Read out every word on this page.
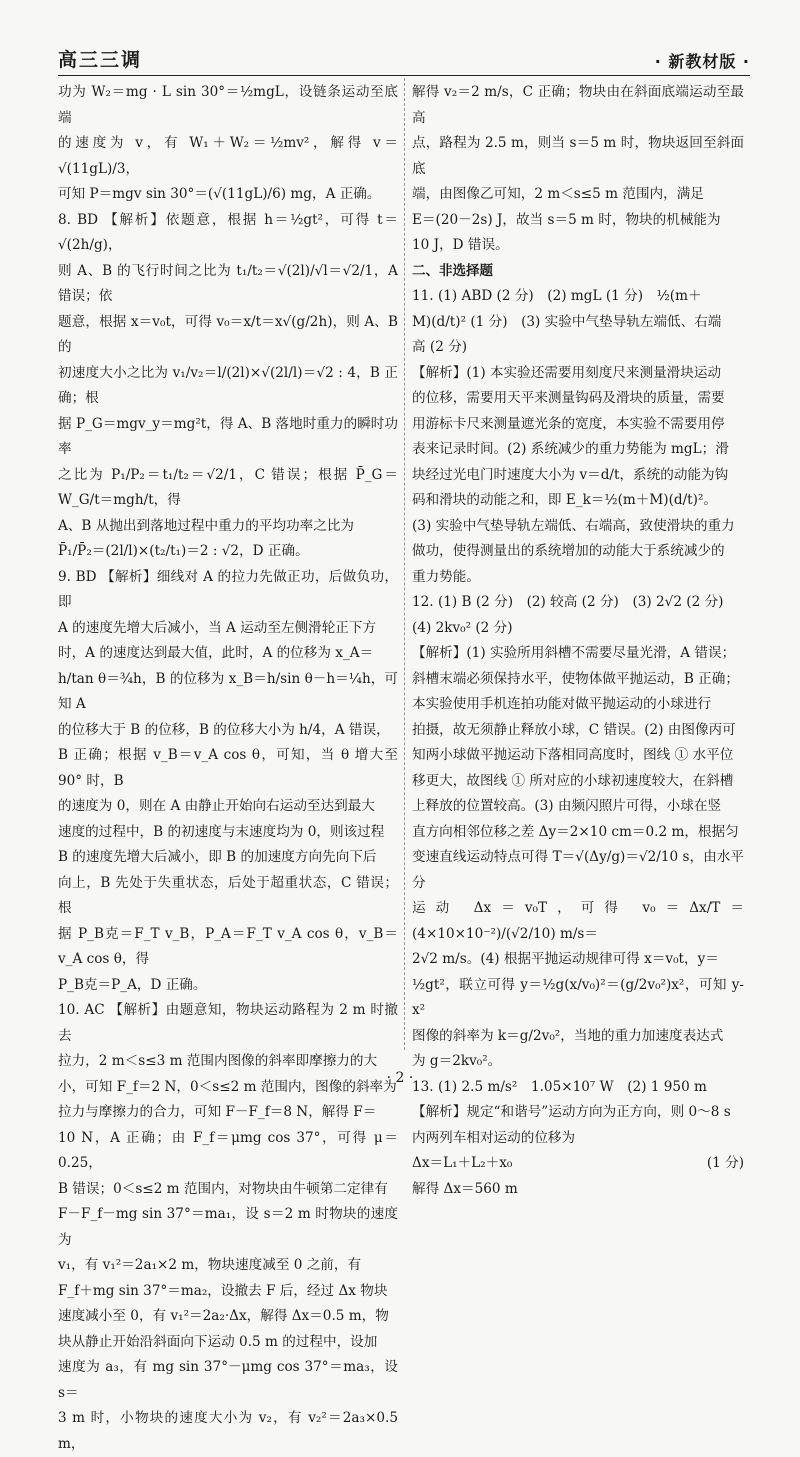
高三三调	· 新教材版 ·

功为 W₂＝mg · L sin 30°＝½mgL，设链条运动至底端

的速度为 v，有 W₁＋W₂＝½mv²，解得 v＝√(11gL)/3，

可知 P＝mgv sin 30°＝(√(11gL)/6) mg，A 正确。

8. BD 【解析】依题意，根据 h＝½gt²，可得 t＝√(2h/g)，

则 A、B 的飞行时间之比为 t₁/t₂＝√(2l)/√l＝√2/1，A 错误；依

题意，根据 x＝v₀t，可得 v₀＝x/t＝x√(g/2h)，则 A、B 的

初速度大小之比为 v₁/v₂＝l/(2l)×√(2l/l)＝√2 : 4，B 正确；根

据 P_G＝mgv_y＝mg²t，得 A、B 落地时重力的瞬时功率

之比为 P₁/P₂＝t₁/t₂＝√2/1，C 错误；根据 P̄_G＝W_G/t＝mgh/t，得

A、B 从抛出到落地过程中重力的平均功率之比为

P̄₁/P̄₂＝(2l/l)×(t₂/t₁)＝2 : √2，D 正确。

9. BD 【解析】细线对 A 的拉力先做正功，后做负功，即

A 的速度先增大后减小，当 A 运动至左侧滑轮正下方

时，A 的速度达到最大值，此时，A 的位移为 x_A＝

h/tan θ＝¾h，B 的位移为 x_B＝h/sin θ－h＝¼h，可知 A

的位移大于 B 的位移，B 的位移大小为 h/4，A 错误，

B 正确；根据 v_B＝v_A cos θ，可知，当 θ 增大至 90° 时，B

的速度为 0，则在 A 由静止开始向右运动至达到最大

速度的过程中，B 的初速度与末速度均为 0，则该过程

B 的速度先增大后减小，即 B 的加速度方向先向下后

向上，B 先处于失重状态，后处于超重状态，C 错误；根

据 P_B克＝F_T v_B，P_A＝F_T v_A cos θ，v_B＝v_A cos θ，得

P_B克＝P_A，D 正确。

10. AC 【解析】由题意知，物块运动路程为 2 m 时撤去

拉力，2 m＜s≤3 m 范围内图像的斜率即摩擦力的大

小，可知 F_f＝2 N，0＜s≤2 m 范围内，图像的斜率为

拉力与摩擦力的合力，可知 F－F_f＝8 N，解得 F＝

10 N，A 正确；由 F_f＝μmg cos 37°，可得 μ＝0.25，

B 错误；0＜s≤2 m 范围内，对物块由牛顿第二定律有

F－F_f－mg sin 37°＝ma₁，设 s＝2 m 时物块的速度为

v₁，有 v₁²＝2a₁×2 m，物块速度减至 0 之前，有

F_f＋mg sin 37°＝ma₂，设撤去 F 后，经过 Δx 物块

速度减小至 0，有 v₁²＝2a₂·Δx，解得 Δx＝0.5 m，物

块从静止开始沿斜面向下运动 0.5 m 的过程中，设加

速度为 a₃，有 mg sin 37°－μmg cos 37°＝ma₃，设 s＝

3 m 时，小物块的速度大小为 v₂，有 v₂²＝2a₃×0.5 m，

解得 v₂＝2 m/s，C 正确；物块由在斜面底端运动至最高

点，路程为 2.5 m，则当 s＝5 m 时，物块返回至斜面底

端，由图像乙可知，2 m＜s≤5 m 范围内，满足

E＝(20－2s) J，故当 s＝5 m 时，物块的机械能为

10 J，D 错误。

二、非选择题

11. (1) ABD (2 分)　(2) mgL (1 分)　½(m＋

M)(d/t)² (1 分)　(3) 实验中气垫导轨左端低、右端

高 (2 分)

【解析】(1) 本实验还需要用刻度尺来测量滑块运动

的位移，需要用天平来测量钩码及滑块的质量，需要

用游标卡尺来测量遮光条的宽度，本实验不需要用停

表来记录时间。(2) 系统减少的重力势能为 mgL；滑

块经过光电门时速度大小为 v＝d/t，系统的动能为钩

码和滑块的动能之和，即 E_k＝½(m＋M)(d/t)²。

(3) 实验中气垫导轨左端低、右端高，致使滑块的重力

做功，使得测量出的系统增加的动能大于系统减少的

重力势能。

12. (1) B (2 分)　(2) 较高 (2 分)　(3) 2√2 (2 分)

(4) 2kv₀² (2 分)

【解析】(1) 实验所用斜槽不需要尽量光滑，A 错误；

斜槽末端必须保持水平，使物体做平抛运动，B 正确；

本实验使用手机连拍功能对做平抛运动的小球进行

拍摄，故无须静止释放小球，C 错误。(2) 由图像丙可

知两小球做平抛运动下落相同高度时，图线 ① 水平位

移更大，故图线 ① 所对应的小球初速度较大，在斜槽

上释放的位置较高。(3) 由频闪照片可得，小球在竖

直方向相邻位移之差 Δy＝2×10 cm＝0.2 m，根据匀

变速直线运动特点可得 T＝√(Δy/g)＝√2/10 s，由水平分

运动 Δx＝v₀T，可得 v₀＝Δx/T＝(4×10×10⁻²)/(√2/10) m/s＝

2√2 m/s。(4) 根据平抛运动规律可得 x＝v₀t，y＝

½gt²，联立可得 y＝½g(x/v₀)²＝(g/2v₀²)x²，可知 y-x²

图像的斜率为 k＝g/2v₀²，当地的重力加速度表达式

为 g＝2kv₀²。

13. (1) 2.5 m/s²　1.05×10⁷ W　(2) 1 950 m

【解析】规定“和谐号”运动方向为正方向，则 0～8 s

内两列车相对运动的位移为

Δx＝L₁＋L₂＋x₀	(1 分)

解得 Δx＝560 m

· 2 ·
